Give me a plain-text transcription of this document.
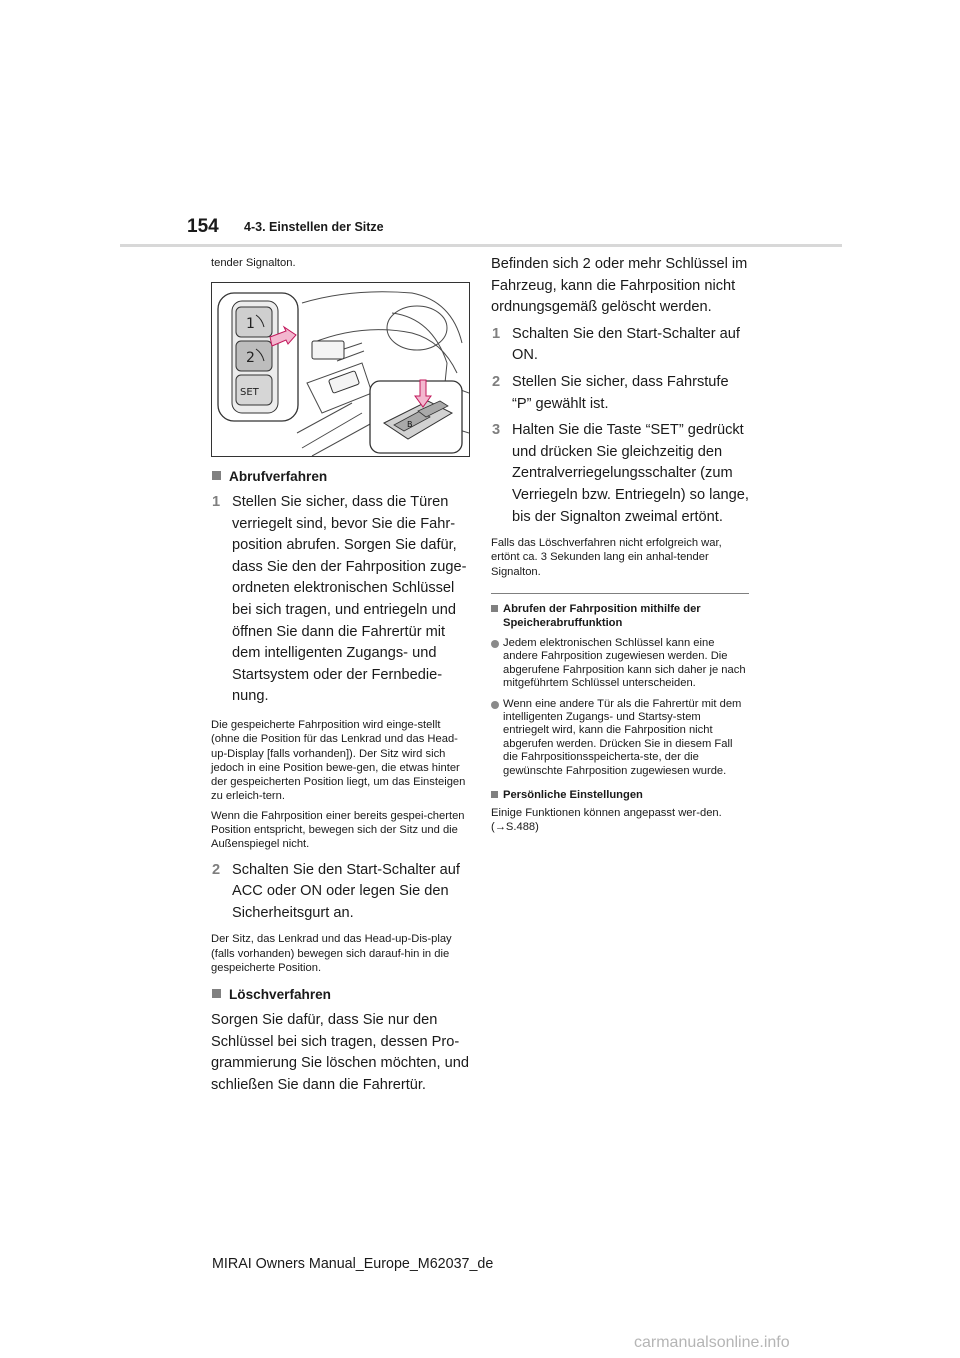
154 4-3. Einstellen der Sitze

tender Signalton.

1
2
SET
B
Abrufverfahren
1 Stellen Sie sicher, dass die Türen verriegelt sind, bevor Sie die Fahr-position abrufen. Sorgen Sie dafür, dass Sie den der Fahrposition zuge-ordneten elektronischen Schlüssel bei sich tragen, und entriegeln und öffnen Sie dann die Fahrertür mit dem intelligenten Zugangs- und Startsystem oder der Fernbedie-nung.

Die gespeicherte Fahrposition wird einge-stellt (ohne die Position für das Lenkrad und das Head-up-Display [falls vorhanden]). Der Sitz wird sich jedoch in eine Position bewe-gen, die etwas hinter der gespeicherten Position liegt, um das Einsteigen zu erleich-tern.

Wenn die Fahrposition einer bereits gespei-cherten Position entspricht, bewegen sich der Sitz und die Außenspiegel nicht.

2 Schalten Sie den Start-Schalter auf ACC oder ON oder legen Sie den Sicherheitsgurt an.

Der Sitz, das Lenkrad und das Head-up-Dis-play (falls vorhanden) bewegen sich darauf-hin in die gespeicherte Position.

Löschverfahren

Sorgen Sie dafür, dass Sie nur den Schlüssel bei sich tragen, dessen Pro-grammierung Sie löschen möchten, und schließen Sie dann die Fahrertür.

Befinden sich 2 oder mehr Schlüssel im Fahrzeug, kann die Fahrposition nicht ordnungsgemäß gelöscht werden.

1 Schalten Sie den Start-Schalter auf ON.
2 Stellen Sie sicher, dass Fahrstufe “P” gewählt ist.
3 Halten Sie die Taste “SET” gedrückt und drücken Sie gleichzeitig den Zentralverriegelungsschalter (zum Verriegeln bzw. Entriegeln) so lange, bis der Signalton zweimal ertönt.

Falls das Löschverfahren nicht erfolgreich war, ertönt ca. 3 Sekunden lang ein anhal-tender Signalton.

Abrufen der Fahrposition mithilfe der Speicherabruffunktion
Jedem elektronischen Schlüssel kann eine andere Fahrposition zugewiesen werden. Die abgerufene Fahrposition kann sich daher je nach mitgeführtem Schlüssel unterscheiden.
Wenn eine andere Tür als die Fahrertür mit dem intelligenten Zugangs- und Startsy-stem entriegelt wird, kann die Fahrposition nicht abgerufen werden. Drücken Sie in diesem Fall die Fahrpositionsspeicherta-ste, der die gewünschte Fahrposition zugewiesen wurde.
Persönliche Einstellungen

Einige Funktionen können angepasst wer-den. (→S.488)

MIRAI Owners Manual_Europe_M62037_de
carmanualsonline.info
